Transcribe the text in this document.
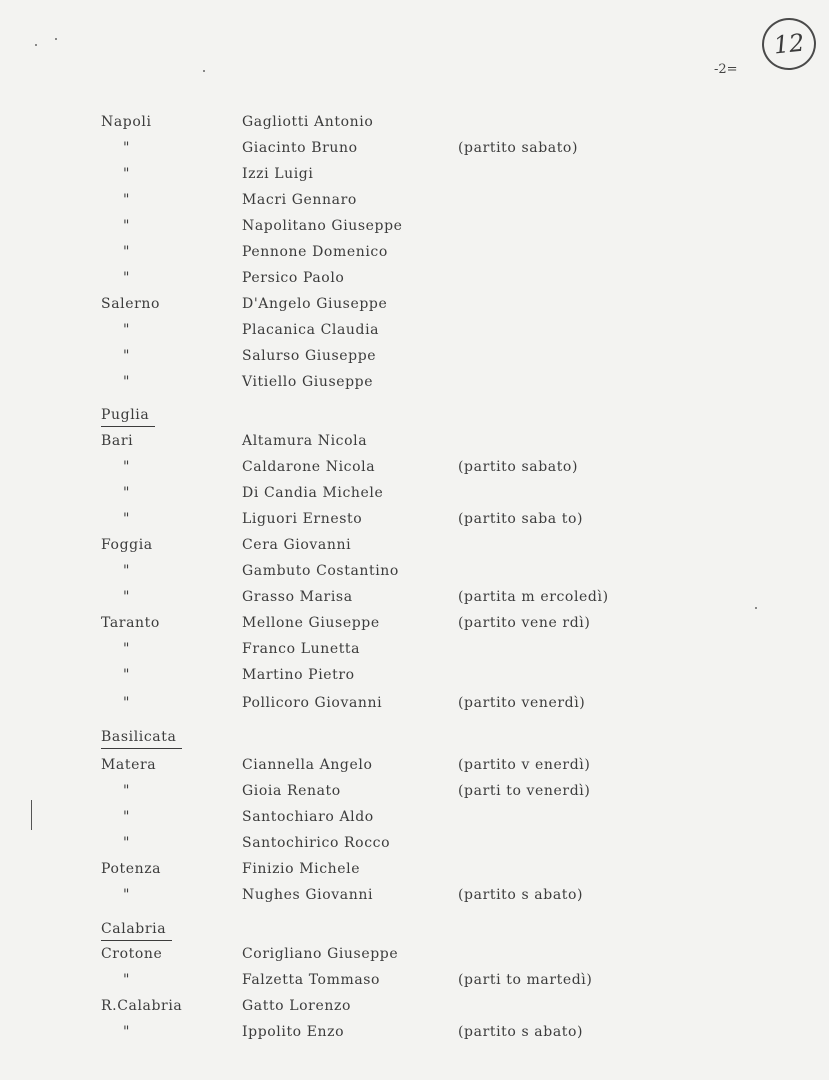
12
-2=
Napoli	Gagliotti Antonio
"	Giacinto Bruno	(partito sabato)
"	Izzi Luigi
"	Macri Gennaro
"	Napolitano Giuseppe
"	Pennone Domenico
"	Persico Paolo
Salerno	D'Angelo Giuseppe
"	Placanica Claudia
"	Salurso Giuseppe
"	Vitiello Giuseppe
Puglia
Bari	Altamura Nicola
"	Caldarone Nicola	(partito sabato)
"	Di Candia Michele
"	Liguori Ernesto	(partito saba to)
Foggia	Cera Giovanni
"	Gambuto Costantino
"	Grasso Marisa	(partita m ercoledì)
Taranto	Mellone Giuseppe	(partito vene rdì)
"	Franco Lunetta
"	Martino Pietro
"	Pollicoro Giovanni	(partito venerdì)
Basilicata
Matera	Ciannella Angelo	(partito v enerdì)
"	Gioia Renato	(parti to venerdì)
"	Santochiaro Aldo
"	Santochirico Rocco
Potenza	Finizio Michele
"	Nughes Giovanni	(partito s abato)
Calabria
Crotone	Corigliano Giuseppe
"	Falzetta Tommaso	(parti to martedì)
R.Calabria	Gatto Lorenzo
"	Ippolito Enzo	(partito s abato)
